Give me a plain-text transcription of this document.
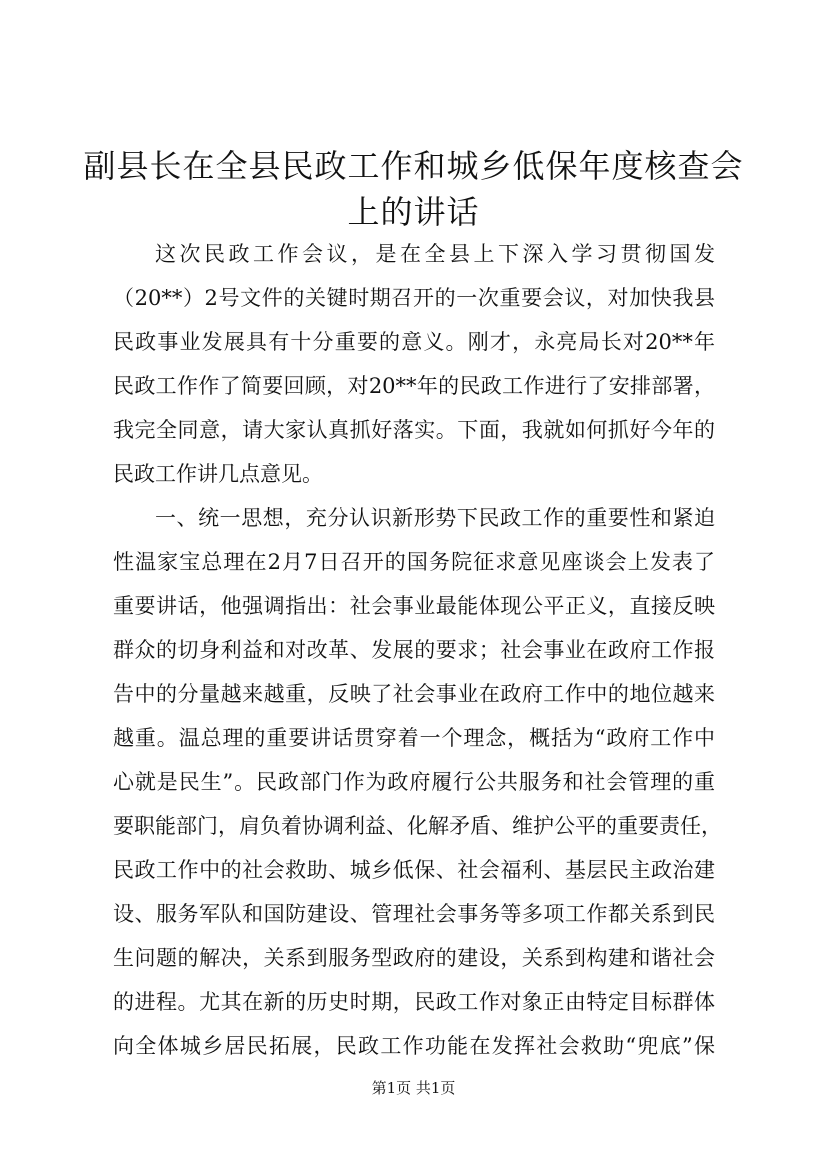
副县长在全县民政工作和城乡低保年度核查会
上的讲话
这次民政工作会议，是在全县上下深入学习贯彻国发
（20**）2号文件的关键时期召开的一次重要会议，对加快我县
民政事业发展具有十分重要的意义。刚才，永亮局长对20**年
民政工作作了简要回顾，对20**年的民政工作进行了安排部署，
我完全同意，请大家认真抓好落实。下面，我就如何抓好今年的
民政工作讲几点意见。
一、统一思想，充分认识新形势下民政工作的重要性和紧迫
性温家宝总理在2月7日召开的国务院征求意见座谈会上发表了
重要讲话，他强调指出：社会事业最能体现公平正义，直接反映
群众的切身利益和对改革、发展的要求；社会事业在政府工作报
告中的分量越来越重，反映了社会事业在政府工作中的地位越来
越重。温总理的重要讲话贯穿着一个理念，概括为“政府工作中
心就是民生”。民政部门作为政府履行公共服务和社会管理的重
要职能部门，肩负着协调利益、化解矛盾、维护公平的重要责任，
民政工作中的社会救助、城乡低保、社会福利、基层民主政治建
设、服务军队和国防建设、管理社会事务等多项工作都关系到民
生问题的解决，关系到服务型政府的建设，关系到构建和谐社会
的进程。尤其在新的历史时期，民政工作对象正由特定目标群体
向全体城乡居民拓展，民政工作功能在发挥社会救助“兜底”保
第1页 共1页
